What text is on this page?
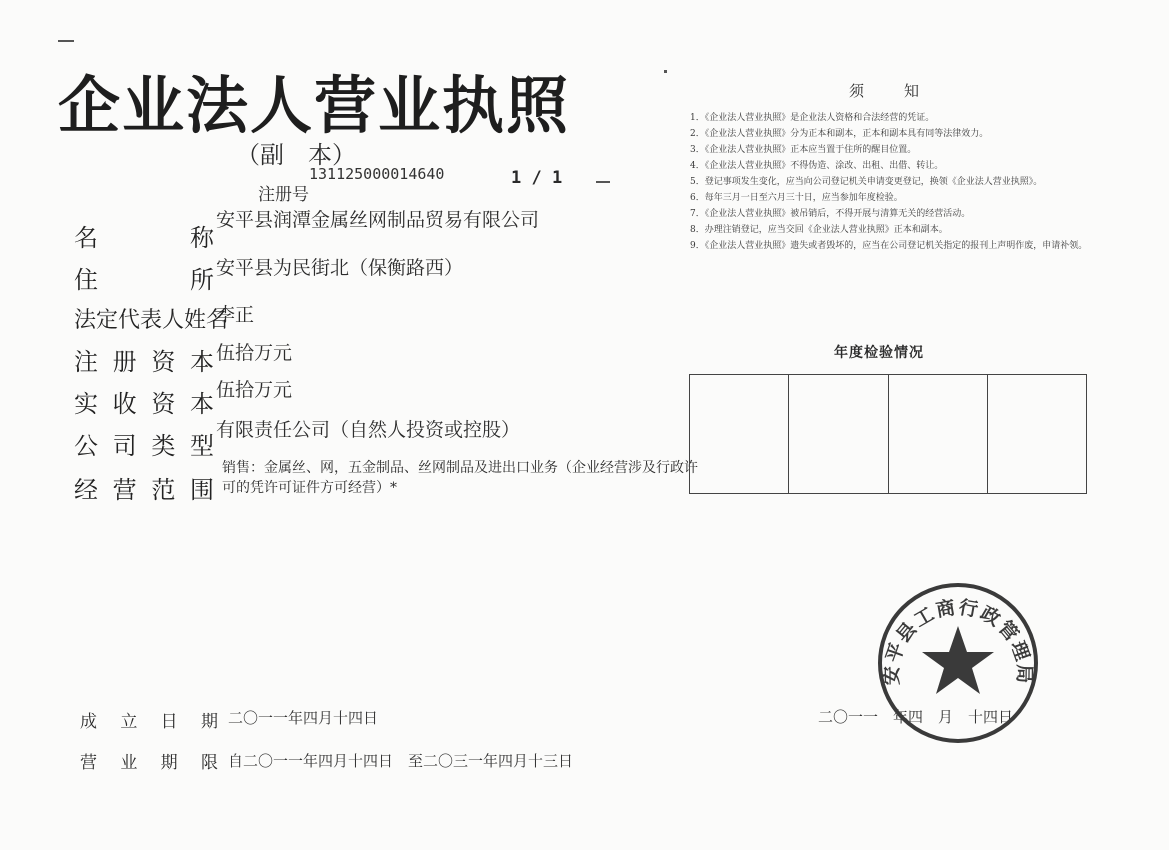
企业法人营业执照
（副　本）
131125000014640	1 / 1
注册号
名	称
安平县润潭金属丝网制品贸易有限公司
住	所 安平县为民街北（保衡路西）
法定代表人姓名
李正
注 册 资 本 伍拾万元
实 收 资 本 伍拾万元
公 司 类 型
有限责任公司（自然人投资或控股）
经 营 范 围
销售：金属丝、网，五金制品、丝网制品及进出口业务（企业经营涉及行政许可的凭许可证件方可经营）*
须知
1．《企业法人营业执照》是企业法人资格和合法经营的凭证。
2．《企业法人营业执照》分为正本和副本，正本和副本具有同等法律效力。
3．《企业法人营业执照》正本应当置于住所的醒目位置。
4．《企业法人营业执照》不得伪造、涂改、出租、出借、转让。
5．登记事项发生变化，应当向公司登记机关申请变更登记，换领《企业法人营业执照》。
6．每年三月一日至六月三十日，应当参加年度检验。
7．《企业法人营业执照》被吊销后，不得开展与清算无关的经营活动。
8．办理注销登记，应当交回《企业法人营业执照》正本和副本。
9．《企业法人营业执照》遗失或者毁坏的，应当在公司登记机关指定的报刊上声明作废，申请补领。
年度检验情况
成 立 日 期 二〇一一年四月十四日
营 业 期 限 自二〇一一年四月十四日　至二〇三一年四月十三日
二〇一一　年四　月　十四日
安平县工商行政管理局
